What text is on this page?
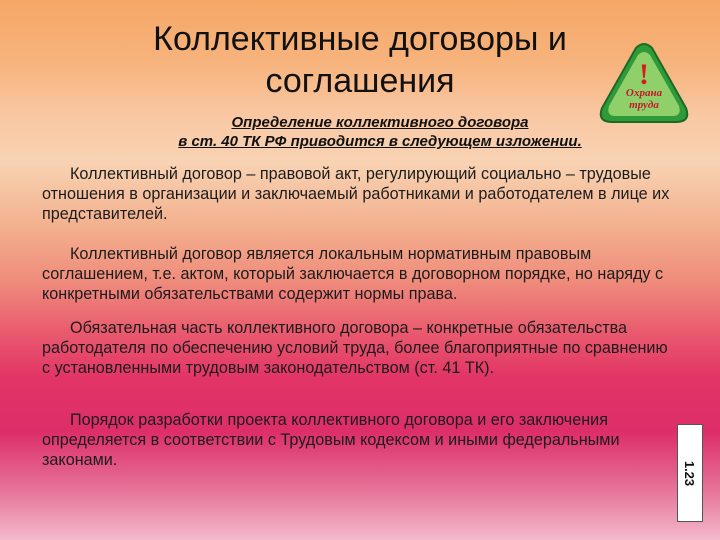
Коллективные договоры и
соглашения	!
Охрана
труда
Определение коллективного договора
в ст. 40 ТК РФ приводится в следующем изложении.
Коллективный договор – правовой акт, регулирующий социально – трудовые отношения в организации и заключаемый работниками и работодателем в лице их представителей.
Коллективный договор является локальным нормативным правовым соглашением, т.е. актом, который заключается в договорном порядке, но наряду с конкретными обязательствами содержит нормы права.
Обязательная часть коллективного договора – конкретные обязательства работодателя по обеспечению условий труда, более благоприятные по сравнению с установленными трудовым законодательством (ст. 41 ТК).
Порядок разработки проекта коллективного договора и его заключения определяется в соответствии с Трудовым кодексом и иными федеральными законами.
1.23
